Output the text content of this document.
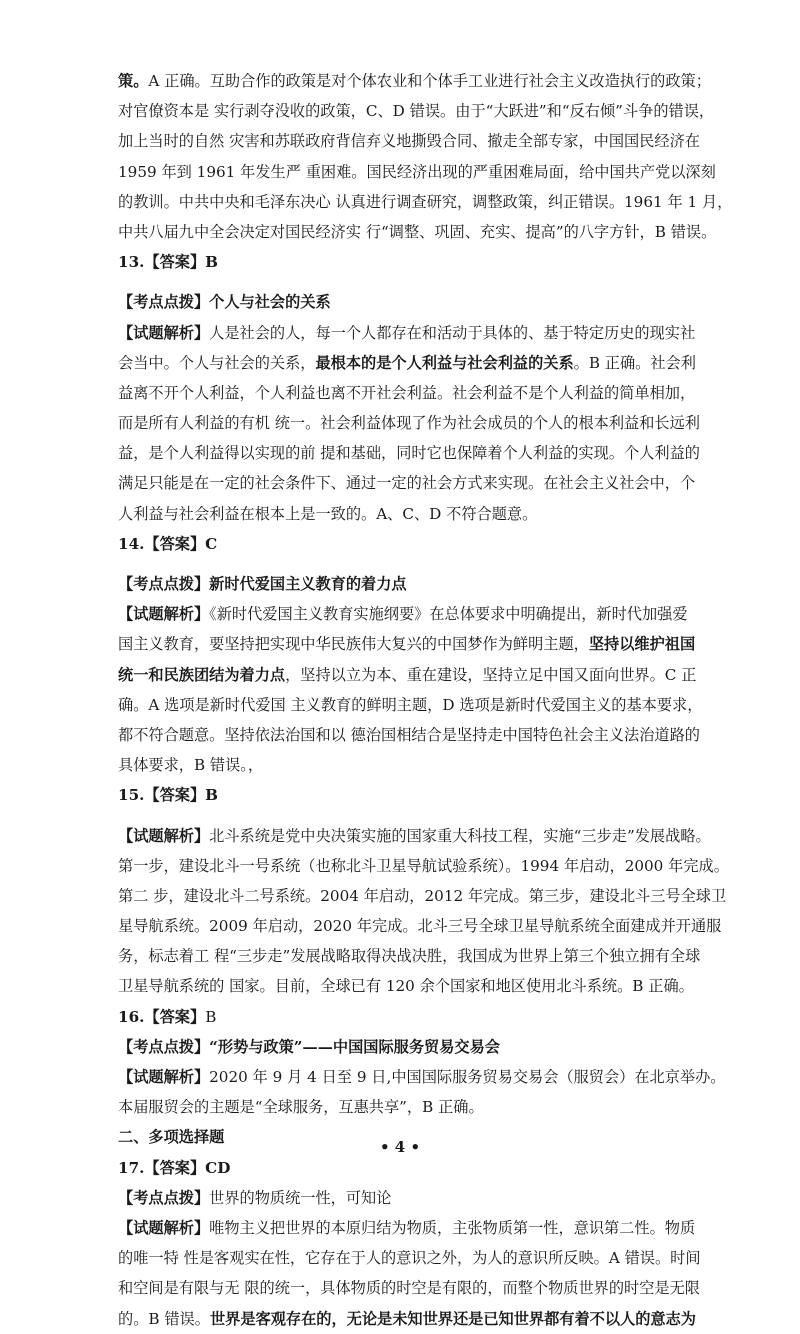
策。A 正确。互助合作的政策是对个体农业和个体手工业进行社会主义改造执行的政策；
对官僚资本是 实行剥夺没收的政策，C、D 错误。由于“大跃进”和“反右倾”斗争的错误，
加上当时的自然 灾害和苏联政府背信弃义地撕毁合同、撤走全部专家，中国国民经济在
1959 年到 1961 年发生严 重困难。国民经济出现的严重困难局面，给中国共产党以深刻
的教训。中共中央和毛泽东决心 认真进行调查研究，调整政策，纠正错误。1961 年 1 月，
中共八届九中全会决定对国民经济实 行“调整、巩固、充实、提高”的八字方针，B 错误。
13.【答案】B
【考点点拨】个人与社会的关系
【试题解析】人是社会的人，每一个人都存在和活动于具体的、基于特定历史的现实社
会当中。个人与社会的关系，最根本的是个人利益与社会利益的关系。B 正确。社会利
益离不开个人利益，个人利益也离不开社会利益。社会利益不是个人利益的简单相加，
而是所有人利益的有机 统一。社会利益体现了作为社会成员的个人的根本利益和长远利
益，是个人利益得以实现的前 提和基础，同时它也保障着个人利益的实现。个人利益的
满足只能是在一定的社会条件下、通过一定的社会方式来实现。在社会主义社会中，个
人利益与社会利益在根本上是一致的。A、C、D 不符合题意。
14.【答案】C
【考点点拨】新时代爱国主义教育的着力点
【试题解析】《新时代爱国主义教育实施纲要》在总体要求中明确提出，新时代加强爱
国主义教育，要坚持把实现中华民族伟大复兴的中国梦作为鲜明主题，坚持以维护祖国
统一和民族团结为着力点，坚持以立为本、重在建设，坚持立足中国又面向世界。C 正
确。A 选项是新时代爱国 主义教育的鲜明主题，D 选项是新时代爱国主义的基本要求，
都不符合题意。坚持依法治国和以 德治国相结合是坚持走中国特色社会主义法治道路的
具体要求，B 错误。，
15.【答案】B
【试题解析】北斗系统是党中央决策实施的国家重大科技工程，实施“三步走”发展战略。
第一步，建设北斗一号系统（也称北斗卫星导航试验系统）。1994 年启动，2000 年完成。
第二 步，建设北斗二号系统。2004 年启动，2012 年完成。第三步，建设北斗三号全球卫
星导航系统。2009 年启动，2020 年完成。北斗三号全球卫星导航系统全面建成并开通服
务，标志着工 程“三步走”发展战略取得决战决胜，我国成为世界上第三个独立拥有全球
卫星导航系统的 国家。目前，全球已有 120 余个国家和地区使用北斗系统。B 正确。
16.【答案】B
【考点点拨】“形势与政策”——中国国际服务贸易交易会
【试题解析】2020 年 9 月 4 日至 9 日,中国国际服务贸易交易会（服贸会）在北京举办。
本届服贸会的主题是“全球服务，互惠共享”，B 正确。
二、多项选择题
17.【答案】CD
【考点点拨】世界的物质统一性，可知论
【试题解析】唯物主义把世界的本原归结为物质，主张物质第一性，意识第二性。物质
的唯一特 性是客观实在性，它存在于人的意识之外，为人的意识所反映。A 错误。时间
和空间是有限与无 限的统一，具体物质的时空是有限的，而整个物质世界的时空是无限
的。B 错误。世界是客观存在的，无论是未知世界还是已知世界都有着不以人的意志为
• 4 •
